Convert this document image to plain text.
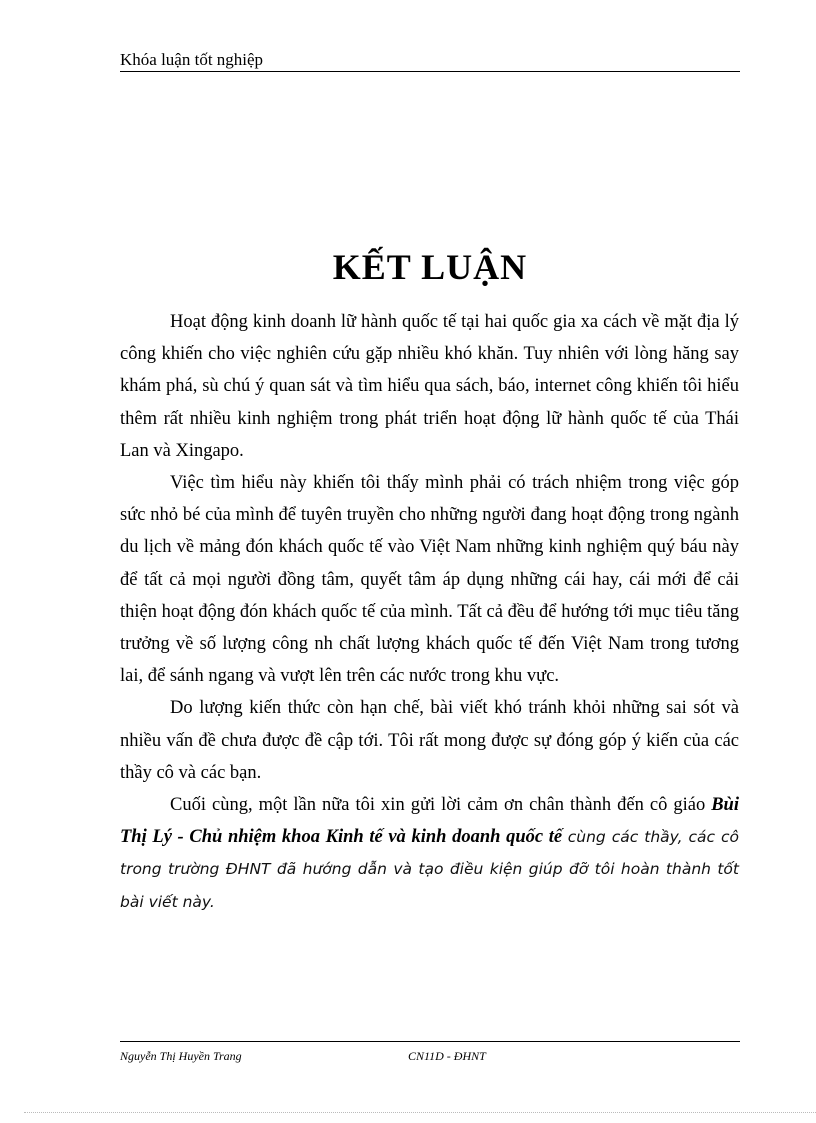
Khóa luận tốt nghiệp
KẾT LUẬN

Hoạt động kinh doanh lữ hành quốc tế tại hai quốc gia xa cách về mặt địa lý công khiến cho việc nghiên cứu gặp nhiều khó khăn. Tuy nhiên với lòng hăng say khám phá, sù chú ý quan sát và tìm hiểu qua sách, báo, internet công khiến tôi hiểu thêm rất nhiều kinh nghiệm trong phát triển hoạt động lữ hành quốc tế của Thái Lan và Xingapo.

Việc tìm hiểu này khiến tôi thấy mình phải có trách nhiệm trong việc góp sức nhỏ bé của mình để tuyên truyền cho những người đang hoạt động trong ngành du lịch về mảng đón khách quốc tế vào Việt Nam những kinh nghiệm quý báu này để tất cả mọi người đồng tâm, quyết tâm áp dụng những cái hay, cái mới để cải thiện hoạt động đón khách quốc tế của mình. Tất cả đều để hướng tới mục tiêu tăng trưởng về số lượng công nh chất lượng khách quốc tế đến Việt Nam trong tương lai, để sánh ngang và vượt lên trên các nước trong khu vực.

Do lượng kiến thức còn hạn chế, bài viết khó tránh khỏi những sai sót và nhiều vấn đề chưa được đề cập tới. Tôi rất mong được sự đóng góp ý kiến của các thầy cô và các bạn.

Cuối cùng, một lần nữa tôi xin gửi lời cảm ơn chân thành đến cô giáo Bùi Thị Lý - Chủ nhiệm khoa Kinh tế và kinh doanh quốc tế cùng các thầy, các cô trong trường ĐHNT đã hướng dẫn và tạo điều kiện giúp đỡ tôi hoàn thành tốt bài viết này.

Nguyễn Thị Huyền Trang	CN11D - ĐHNT
